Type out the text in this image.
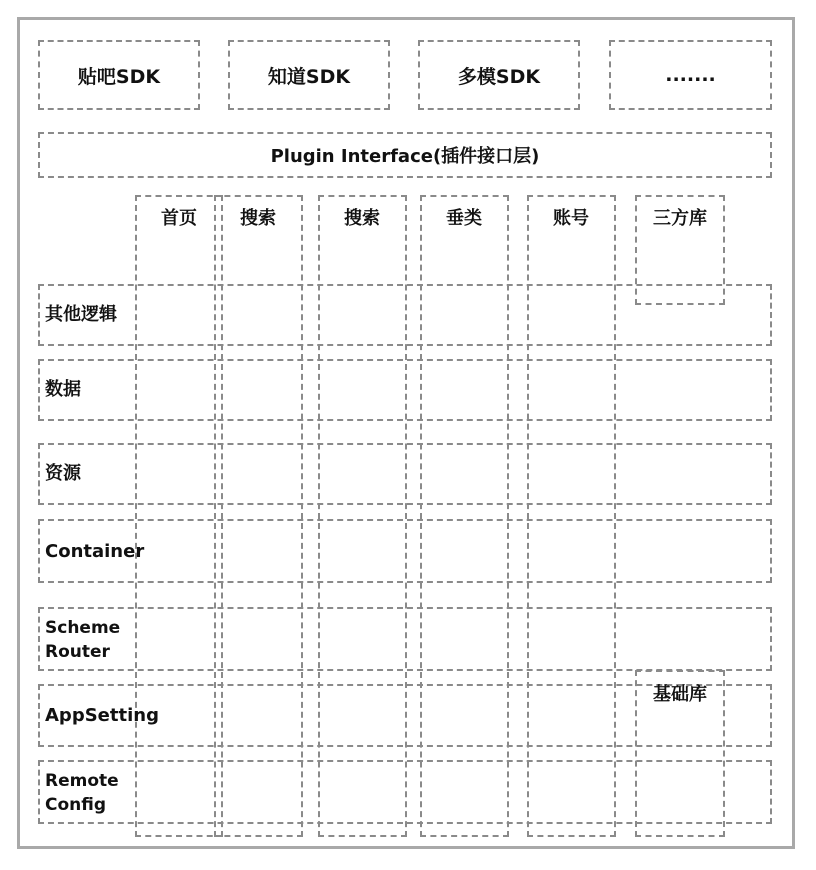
贴吧SDK	知道SDK	多模SDK	.......
Plugin Interface(插件接口层)
首页	搜索	搜索	垂类	账号	三方库
基础库
其他逻辑
数据
资源
Container
Scheme
Router
AppSetting
Remote
Config
